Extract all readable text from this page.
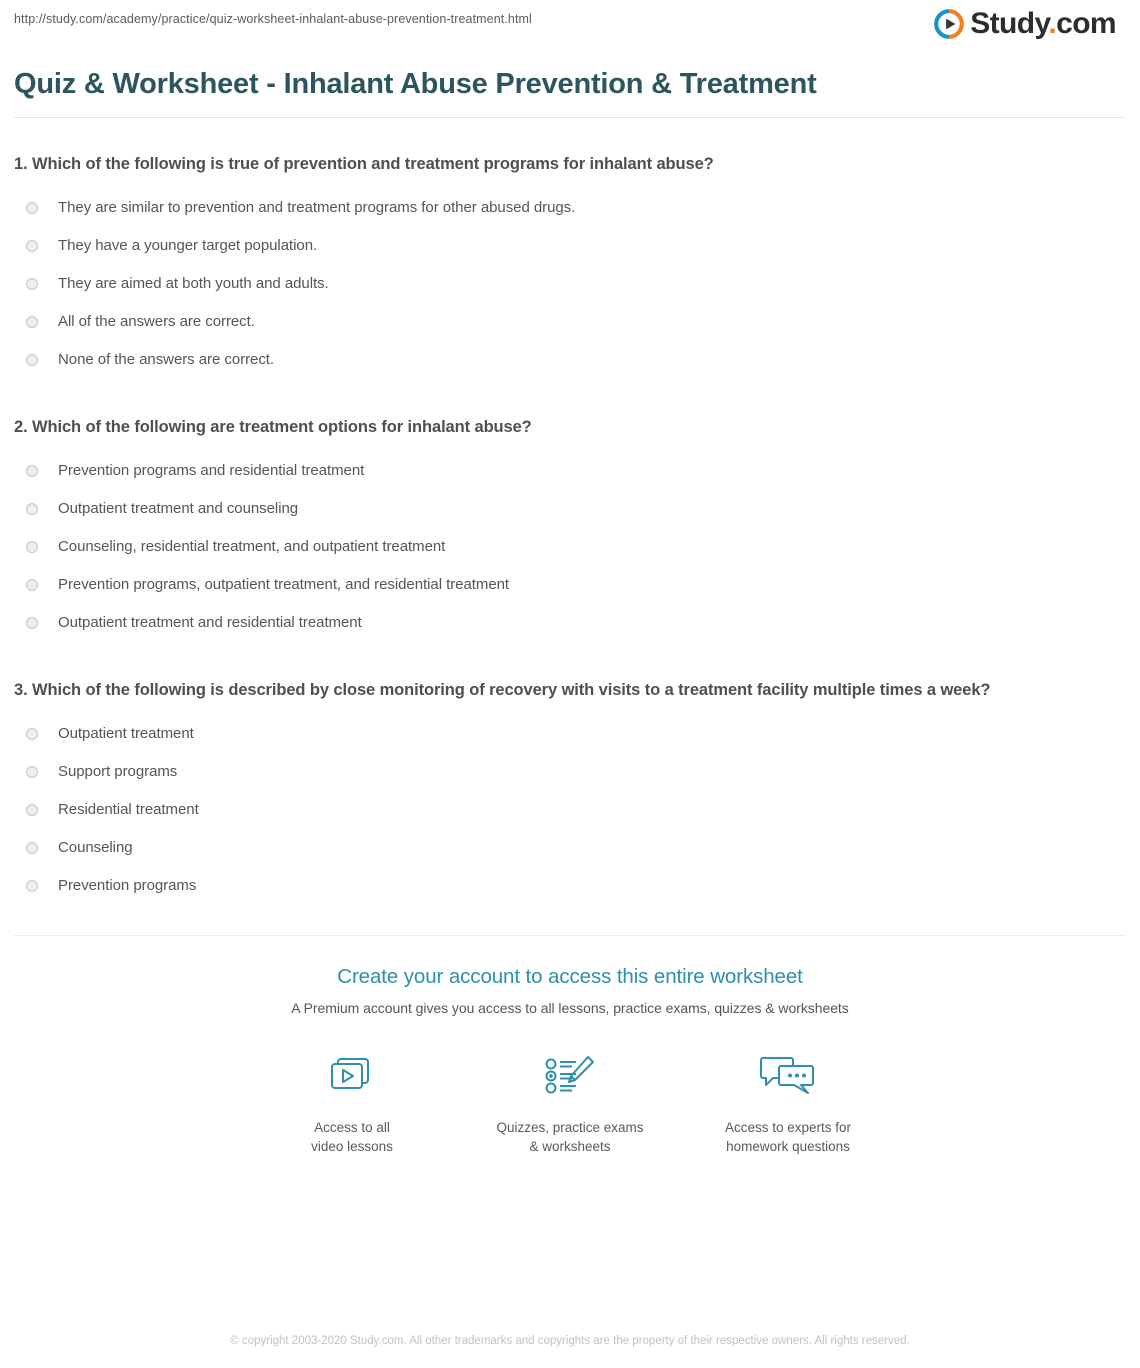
http://study.com/academy/practice/quiz-worksheet-inhalant-abuse-prevention-treatment.html	Study.com
Quiz & Worksheet - Inhalant Abuse Prevention & Treatment

1. Which of the following is true of prevention and treatment programs for inhalant abuse?

They are similar to prevention and treatment programs for other abused drugs.
They have a younger target population.
They are aimed at both youth and adults.
All of the answers are correct.
None of the answers are correct.

2. Which of the following are treatment options for inhalant abuse?

Prevention programs and residential treatment
Outpatient treatment and counseling
Counseling, residential treatment, and outpatient treatment
Prevention programs, outpatient treatment, and residential treatment
Outpatient treatment and residential treatment

3. Which of the following is described by close monitoring of recovery with visits to a treatment facility multiple times a week?

Outpatient treatment
Support programs
Residential treatment
Counseling
Prevention programs
Create your account to access this entire worksheet
A Premium account gives you access to all lessons, practice exams, quizzes & worksheets
Access to all
video lessons
Quizzes, practice exams
& worksheets
Access to experts for
homework questions
© copyright 2003-2020 Study.com. All other trademarks and copyrights are the property of their respective owners. All rights reserved.
